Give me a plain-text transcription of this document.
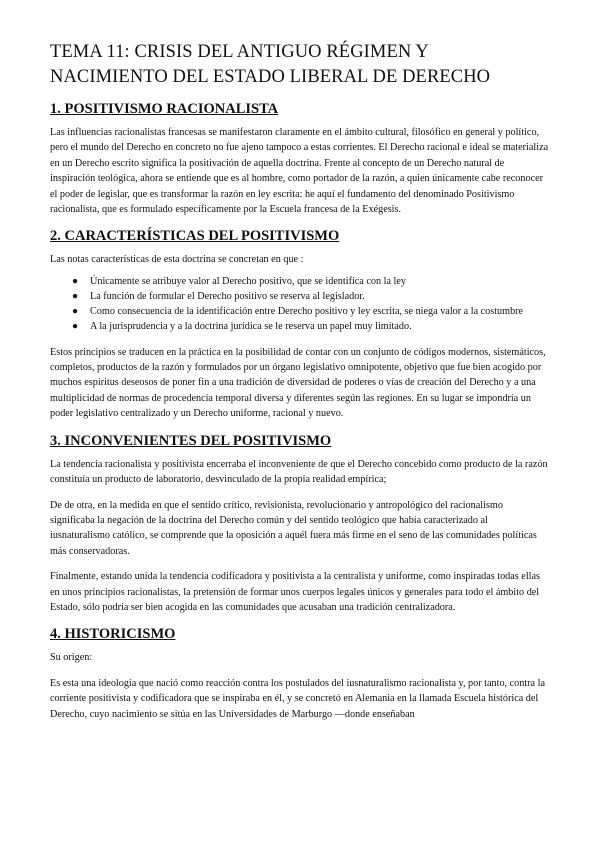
TEMA 11: CRISIS DEL ANTIGUO RÉGIMEN Y NACIMIENTO DEL ESTADO LIBERAL DE DERECHO
1. POSITIVISMO RACIONALISTA

Las influencias racionalistas francesas se manifestaron claramente en el ámbito cultural, filosófico en general y político, pero el mundo del Derecho en concreto no fue ajeno tampoco a estas corrientes. El Derecho racional e ideal se materializa en un Derecho escrito significa la positivación de aquella doctrina. Frente al concepto de un Derecho natural de inspiración teológica, ahora se entiende que es al hombre, como portador de la razón, a quien únicamente cabe reconocer el poder de legislar, que es transformar la razón en ley escrita: he aquí el fundamento del denominado Positivismo racionalista, que es formulado específicamente por la Escuela francesa de la Exégesis.

2. CARACTERÍSTICAS DEL POSITIVISMO

Las notas características de esta doctrina se concretan en que :

● Únicamente se atribuye valor al Derecho positivo, que se identifica con la ley
● La función de formular el Derecho positivo se reserva al legislador.
● Como consecuencia de la identificación entre Derecho positivo y ley escrita, se niega valor a la costumbre
● A la jurisprudencia y a la doctrina jurídica se le reserva un papel muy limitado.

Estos principios se traducen en la práctica en la posibilidad de contar con un conjunto de códigos modernos, sistemáticos, completos, productos de la razón y formulados por un órgano legislativo omnipotente, objetivo que fue bien acogido por muchos espíritus deseosos de poner fin a una tradición de diversidad de poderes o vías de creación del Derecho y a una multiplicidad de normas de procedencia temporal diversa y diferentes según las regiones. En su lugar se impondría un poder legislativo centralizado y un Derecho uniforme, racional y nuevo.

3. INCONVENIENTES DEL POSITIVISMO

La tendencia racionalista y positivista encerraba el inconveniente de que el Derecho concebido como producto de la razón constituía un producto de laboratorio, desvinculado de la propia realidad empírica;

De de otra, en la medida en que el sentido crítico, revisionista, revolucionario y antropológico del racionalismo significaba la negación de la doctrina del Derecho común y del sentido teológico que había caracterizado al iusnaturalismo católico, se comprende que la oposición a aquél fuera más firme en el seno de las comunidades políticas más conservadoras.

Finalmente, estando unida la tendencia codificadora y positivista a la centralista y uniforme, como inspiradas todas ellas en unos principios racionalistas, la pretensión de formar unos cuerpos legales únicos y generales para todo el ámbito del Estado, sólo podría ser bien acogida en las comunidades que acusaban una tradición centralizadora.

4. HISTORICISMO

Su origen:

Es esta una ideología que nació como reacción contra los postulados del iusnaturalismo racionalista y, por tanto, contra la corriente positivista y codificadora que se inspiraba en él, y se concretó en Alemania en la llamada Escuela histórica del Derecho, cuyo nacimiento se sitúa en las Universidades de Marburgo —donde enseñaban
